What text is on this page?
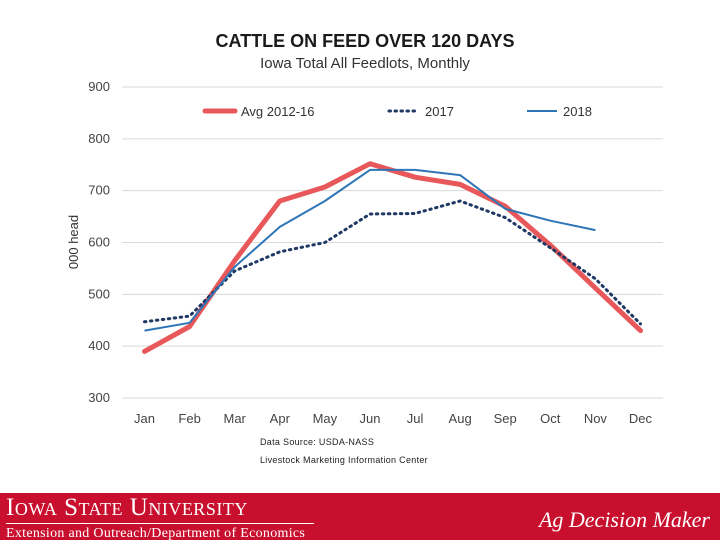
CATTLE ON FEED OVER 120 DAYS
Iowa Total All Feedlots, Monthly
000 head
300
400
500
600
700
800
900
Jan Feb Mar Apr May Jun Jul Aug Sep Oct Nov Dec
Avg 2012-16	2017	2018
Data Source: USDA-NASS
Livestock Marketing Information Center
Iowa State University
Extension and Outreach/Department of Economics
Ag Decision Maker
